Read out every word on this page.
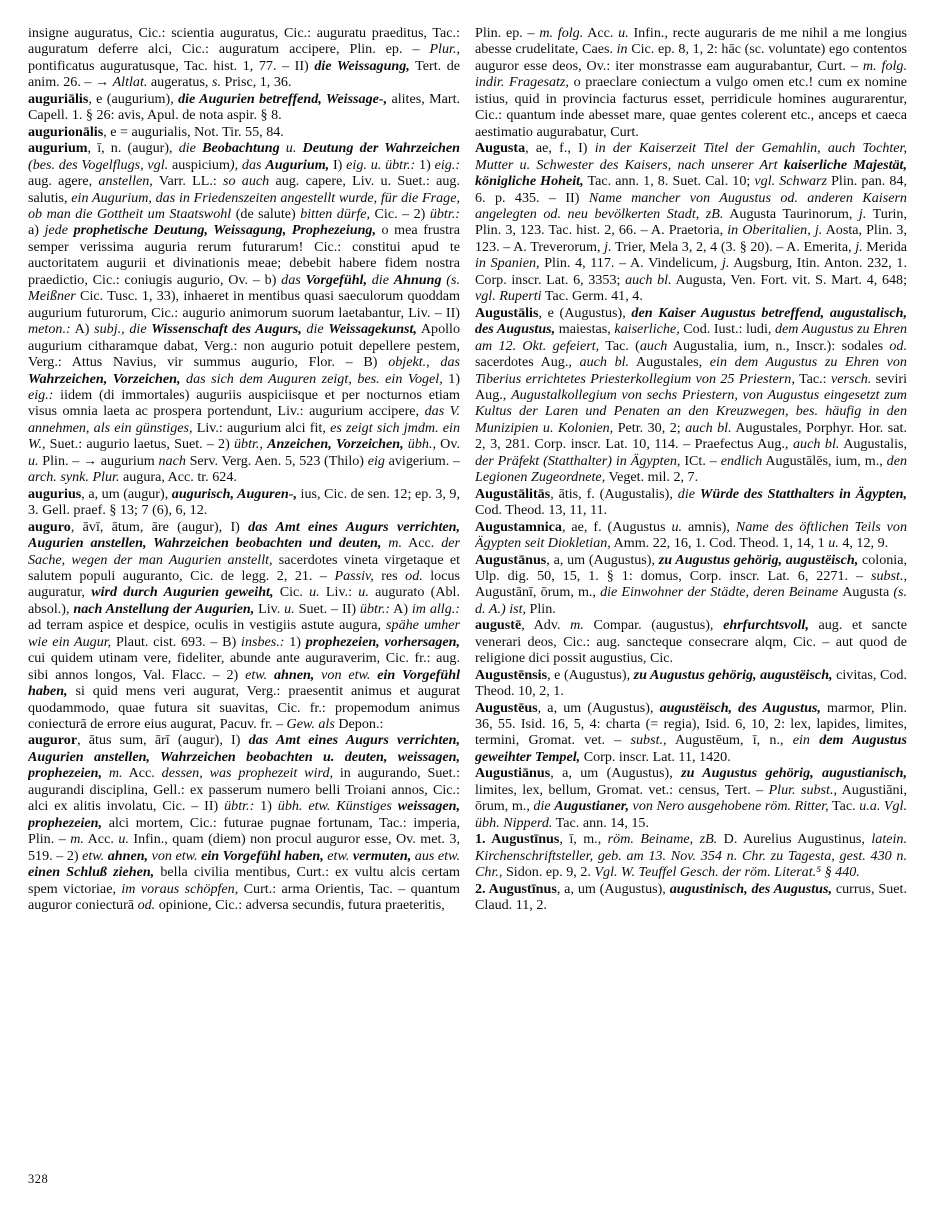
insigne auguratus, Cic.: scientia auguratus, Cic.: auguratu praeditus, Tac.: auguratum deferre alci, Cic.: auguratum accipere, Plin. ep. – Plur., pontificatus auguratusque, Tac. hist. 1, 77. – II) die Weissagung, Tert. de anim. 26. – → Altlat. augeratus, s. Prisc, 1, 36.

auguriālis, e (augurium), die Augurien betreffend, Weissage-, alites, Mart. Capell. 1. § 26: avis, Apul. de nota aspir. § 8.

augurionālis, e = augurialis, Not. Tir. 55, 84.

augurium, ī, n. (augur), die Beobachtung u. Deutung der Wahrzeichen (bes. des Vogelflugs, vgl. auspicium), das Augurium, I) eig. u. übtr.: 1) eig.: aug. agere, anstellen, Varr. LL.: so auch aug. capere, Liv. u. Suet.: aug. salutis, ein Augurium, das in Friedenszeiten angestellt wurde, für die Frage, ob man die Gottheit um Staatswohl (de salute) bitten dürfe, Cic. – 2) übtr.: a) jede prophetische Deutung, Weissagung, Prophezeiung, o mea frustra semper verissima auguria rerum futurarum! Cic.: constitui apud te auctoritatem augurii et divinationis meae; debebit habere fidem nostra praedictio, Cic.: coniugis augurio, Ov. – b) das Vorgefühl, die Ahnung (s. Meißner Cic. Tusc. 1, 33), inhaeret in mentibus quasi saeculorum quoddam augurium futurorum, Cic.: augurio animorum suorum laetabantur, Liv. – II) meton.: A) subj., die Wissenschaft des Augurs, die Weissagekunst, Apollo augurium citharamque dabat, Verg.: non augurio potuit depellere pestem, Verg.: Attus Navius, vir summus augurio, Flor. – B) objekt., das Wahrzeichen, Vorzeichen, das sich dem Auguren zeigt, bes. ein Vogel, 1) eig.: iidem (di immortales) auguriis auspiciisque et per nocturnos etiam visus omnia laeta ac prospera portendunt, Liv.: augurium accipere, das V. annehmen, als ein günstiges, Liv.: augurium alci fit, es zeigt sich jmdm. ein W., Suet.: augurio laetus, Suet. – 2) übtr., Anzeichen, Vorzeichen, übh., Ov. u. Plin. – → augurium nach Serv. Verg. Aen. 5, 523 (Thilo) eig avigerium. – arch. synk. Plur. augura, Acc. tr. 624.

augurius, a, um (augur), augurisch, Auguren-, ius, Cic. de sen. 12; ep. 3, 9, 3. Gell. praef. § 13; 7 (6), 6, 12.

auguro, āvī, ātum, āre (augur), I) das Amt eines Augurs verrichten, Augurien anstellen, Wahrzeichen beobachten und deuten, m. Acc. der Sache, wegen der man Augurien anstellt, sacerdotes vineta virgetaque et salutem populi auguranto, Cic. de legg. 2, 21. – Passiv, res od. locus auguratur, wird durch Augurien geweiht, Cic. u. Liv.: u. augurato (Abl. absol.), nach Anstellung der Augurien, Liv. u. Suet. – II) übtr.: A) im allg.: ad terram aspice et despice, oculis in vestigiis astute augura, spähe umher wie ein Augur, Plaut. cist. 693. – B) insbes.: 1) prophezeien, vorhersagen, cui quidem utinam vere, fideliter, abunde ante auguraverim, Cic. fr.: aug. sibi annos longos, Val. Flacc. – 2) etw. ahnen, von etw. ein Vorgefühl haben, si quid mens veri augurat, Verg.: praesentit animus et augurat quodammodo, quae futura sit suavitas, Cic. fr.: propemodum animus coniecturā de errore eius augurat, Pacuv. fr. – Gew. als Depon.:

auguror, ātus sum, ārī (augur), I) das Amt eines Augurs verrichten, Augurien anstellen, Wahrzeichen beobachten u. deuten, weissagen, prophezeien, m. Acc. dessen, was prophezeit wird, in augurando, Suet.: augurandi disciplina, Gell.: ex passerum numero belli Troiani annos, Cic.: alci ex alitis involatu, Cic. – II) übtr.: 1) übh. etw. Künstiges weissagen, prophezeien, alci mortem, Cic.: futurae pugnae fortunam, Tac.: imperia, Plin. – m. Acc. u. Infin., quam (diem) non procul auguror esse, Ov. met. 3, 519. – 2) etw. ahnen, von etw. ein Vorgefühl haben, etw. vermuten, aus etw. einen Schluß ziehen, bella civilia mentibus, Curt.: ex vultu alcis certam spem victoriae, im voraus schöpfen, Curt.: arma Orientis, Tac. – quantum auguror coniecturā od. opinione, Cic.: adversa secundis, futura praeteritis,

Plin. ep. – m. folg. Acc. u. Infin., recte auguraris de me nihil a me longius abesse crudelitate, Caes. in Cic. ep. 8, 1, 2: hāc (sc. voluntate) ego contentos auguror esse deos, Ov.: iter monstrasse eam augurabantur, Curt. – m. folg. indir. Fragesatz, o praeclare coniectum a vulgo omen etc.! cum ex nomine istius, quid in provincia facturus esset, perridicule homines augurarentur, Cic.: quantum inde abesset mare, quae gentes colerent etc., anceps et caeca aestimatio augurabatur, Curt.

Augusta, ae, f., I) in der Kaiserzeit Titel der Gemahlin, auch Tochter, Mutter u. Schwester des Kaisers, nach unserer Art kaiserliche Majestät, königliche Hoheit, Tac. ann. 1, 8. Suet. Cal. 10; vgl. Schwarz Plin. pan. 84, 6. p. 435. – II) Name mancher von Augustus od. anderen Kaisern angelegten od. neu bevölkerten Stadt, zB. Augusta Taurinorum, j. Turin, Plin. 3, 123. Tac. hist. 2, 66. – A. Praetoria, in Oberitalien, j. Aosta, Plin. 3, 123. – A. Treverorum, j. Trier, Mela 3, 2, 4 (3. § 20). – A. Emerita, j. Merida in Spanien, Plin. 4, 117. – A. Vindelicum, j. Augsburg, Itin. Anton. 232, 1. Corp. inscr. Lat. 6, 3353; auch bl. Augusta, Ven. Fort. vit. S. Mart. 4, 648; vgl. Ruperti Tac. Germ. 41, 4.

Augustālis, e (Augustus), den Kaiser Augustus betreffend, augustalisch, des Augustus, maiestas, kaiserliche, Cod. Iust.: ludi, dem Augustus zu Ehren am 12. Okt. gefeiert, Tac. (auch Augustalia, ium, n., Inscr.): sodales od. sacerdotes Aug., auch bl. Augustales, ein dem Augustus zu Ehren von Tiberius errichtetes Priesterkollegium von 25 Priestern, Tac.: versch. seviri Aug., Augustalkollegium von sechs Priestern, von Augustus eingesetzt zum Kultus der Laren und Penaten an den Kreuzwegen, bes. häufig in den Munizipien u. Kolonien, Petr. 30, 2; auch bl. Augustales, Porphyr. Hor. sat. 2, 3, 281. Corp. inscr. Lat. 10, 114. – Praefectus Aug., auch bl. Augustalis, der Präfekt (Statthalter) in Ägypten, ICt. – endlich Augustālēs, ium, m., den Legionen Zugeordnete, Veget. mil. 2, 7.

Augustālitās, ātis, f. (Augustalis), die Würde des Statthalters in Ägypten, Cod. Theod. 13, 11, 11.

Augustamnica, ae, f. (Augustus u. amnis), Name des öftlichen Teils von Ägypten seit Diokletian, Amm. 22, 16, 1. Cod. Theod. 1, 14, 1 u. 4, 12, 9.

Augustānus, a, um (Augustus), zu Augustus gehörig, augustëisch, colonia, Ulp. dig. 50, 15, 1. § 1: domus, Corp. inscr. Lat. 6, 2271. – subst., Augustānī, ōrum, m., die Einwohner der Städte, deren Beiname Augusta (s. d. A.) ist, Plin.

augustē, Adv. m. Compar. (augustus), ehrfurchtsvoll, aug. et sancte venerari deos, Cic.: aug. sancteque consecrare alqm, Cic. – aut quod de religione dici possit augustius, Cic.

Augustēnsis, e (Augustus), zu Augustus gehörig, augustëisch, civitas, Cod. Theod. 10, 2, 1.

Augustēus, a, um (Augustus), augustëisch, des Augustus, marmor, Plin. 36, 55. Isid. 16, 5, 4: charta (= regia), Isid. 6, 10, 2: lex, lapides, limites, termini, Gromat. vet. – subst., Augustēum, ī, n., ein dem Augustus geweihter Tempel, Corp. inscr. Lat. 11, 1420.

Augustiānus, a, um (Augustus), zu Augustus gehörig, augustianisch, limites, lex, bellum, Gromat. vet.: census, Tert. – Plur. subst., Augustiāni, ōrum, m., die Augustianer, von Nero ausgehobene röm. Ritter, Tac. u.a. Vgl. übh. Nipperd. Tac. ann. 14, 15.

1. Augustīnus, ī, m., röm. Beiname, zB. D. Aurelius Augustinus, latein. Kirchenschriftsteller, geb. am 13. Nov. 354 n. Chr. zu Tagesta, gest. 430 n. Chr., Sidon. ep. 9, 2. Vgl. W. Teuffel Gesch. der röm. Literat.⁵ § 440.

2. Augustīnus, a, um (Augustus), augustinisch, des Augustus, currus, Suet. Claud. 11, 2.

328
